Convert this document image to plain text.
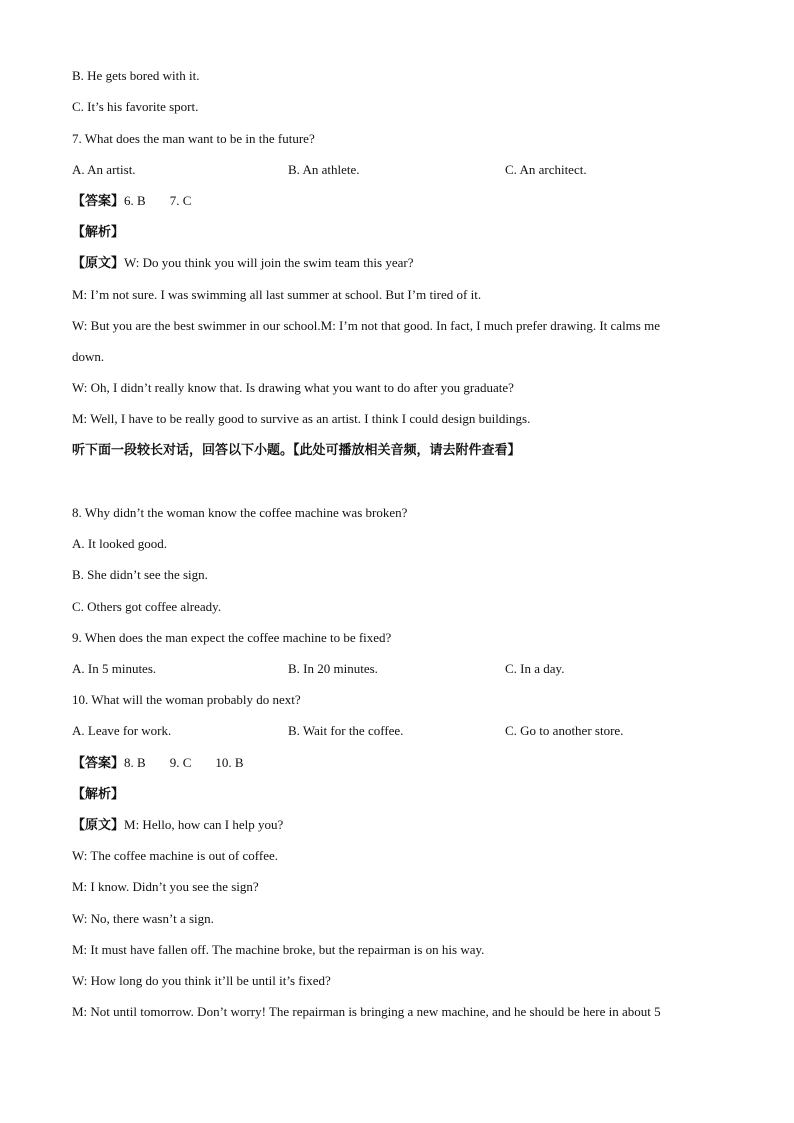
B. He gets bored with it.
C. It’s his favorite sport.
7. What does the man want to be in the future?
A. An artist.	B. An athlete.	C. An architect.
【答案】6. B 7. C
【解析】
【原文】W: Do you think you will join the swim team this year?
M: I’m not sure. I was swimming all last summer at school. But I’m tired of it.
W: But you are the best swimmer in our school.M: I’m not that good. In fact, I much prefer drawing. It calms me
down.
W: Oh, I didn’t really know that. Is drawing what you want to do after you graduate?
M: Well, I have to be really good to survive as an artist. I think I could design buildings.
听下面一段较长对话，回答以下小题。【此处可播放相关音频，请去附件查看】
8. Why didn’t the woman know the coffee machine was broken?
A. It looked good.
B. She didn’t see the sign.
C. Others got coffee already.
9. When does the man expect the coffee machine to be fixed?
A. In 5 minutes.	B. In 20 minutes.	C. In a day.
10. What will the woman probably do next?
A. Leave for work.	B. Wait for the coffee.	C. Go to another store.
【答案】8. B 9. C 10. B
【解析】
【原文】M: Hello, how can I help you?
W: The coffee machine is out of coffee.
M: I know. Didn’t you see the sign?
W: No, there wasn’t a sign.
M: It must have fallen off. The machine broke, but the repairman is on his way.
W: How long do you think it’ll be until it’s fixed?
M: Not until tomorrow. Don’t worry! The repairman is bringing a new machine, and he should be here in about 5
